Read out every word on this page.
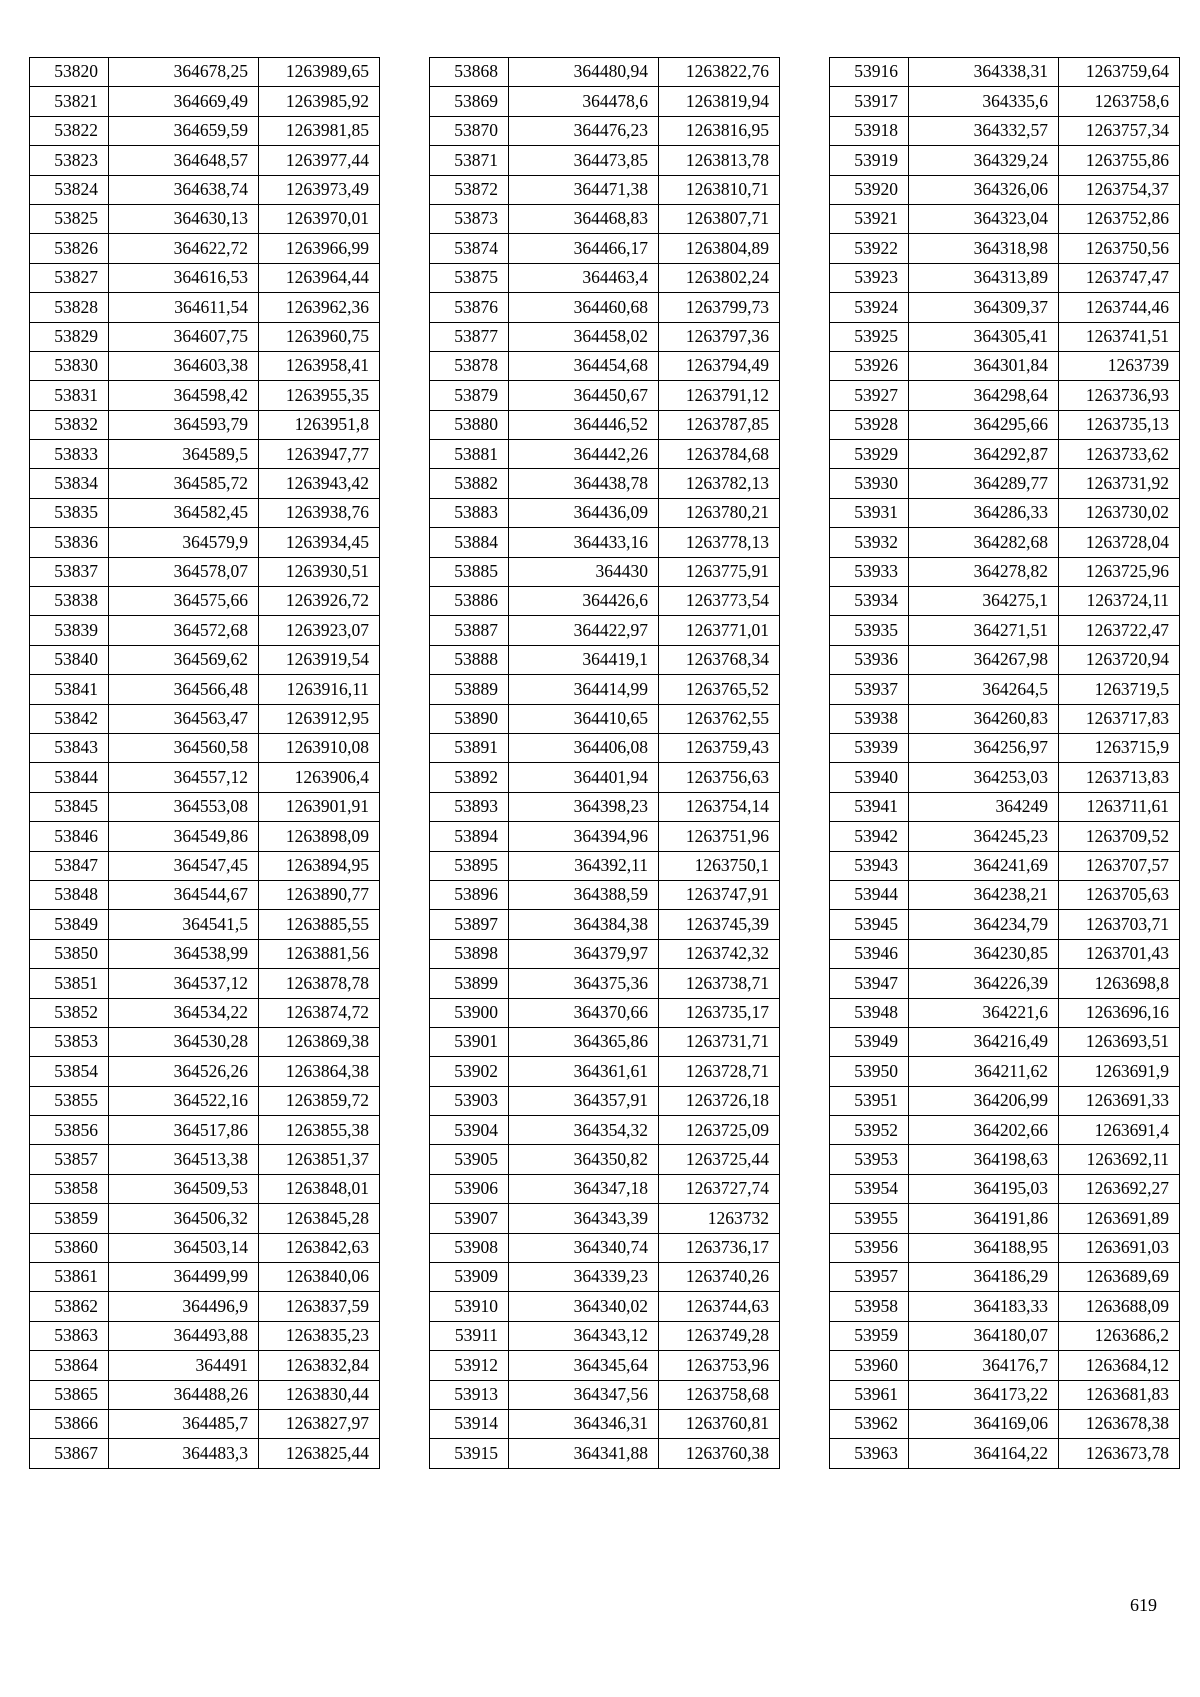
53820	364678,25	1263989,65
53821	364669,49	1263985,92
53822	364659,59	1263981,85
53823	364648,57	1263977,44
53824	364638,74	1263973,49
53825	364630,13	1263970,01
53826	364622,72	1263966,99
53827	364616,53	1263964,44
53828	364611,54	1263962,36
53829	364607,75	1263960,75
53830	364603,38	1263958,41
53831	364598,42	1263955,35
53832	364593,79	1263951,8
53833	364589,5	1263947,77
53834	364585,72	1263943,42
53835	364582,45	1263938,76
53836	364579,9	1263934,45
53837	364578,07	1263930,51
53838	364575,66	1263926,72
53839	364572,68	1263923,07
53840	364569,62	1263919,54
53841	364566,48	1263916,11
53842	364563,47	1263912,95
53843	364560,58	1263910,08
53844	364557,12	1263906,4
53845	364553,08	1263901,91
53846	364549,86	1263898,09
53847	364547,45	1263894,95
53848	364544,67	1263890,77
53849	364541,5	1263885,55
53850	364538,99	1263881,56
53851	364537,12	1263878,78
53852	364534,22	1263874,72
53853	364530,28	1263869,38
53854	364526,26	1263864,38
53855	364522,16	1263859,72
53856	364517,86	1263855,38
53857	364513,38	1263851,37
53858	364509,53	1263848,01
53859	364506,32	1263845,28
53860	364503,14	1263842,63
53861	364499,99	1263840,06
53862	364496,9	1263837,59
53863	364493,88	1263835,23
53864	364491	1263832,84
53865	364488,26	1263830,44
53866	364485,7	1263827,97
53867	364483,3	1263825,44
53868	364480,94	1263822,76
53869	364478,6	1263819,94
53870	364476,23	1263816,95
53871	364473,85	1263813,78
53872	364471,38	1263810,71
53873	364468,83	1263807,71
53874	364466,17	1263804,89
53875	364463,4	1263802,24
53876	364460,68	1263799,73
53877	364458,02	1263797,36
53878	364454,68	1263794,49
53879	364450,67	1263791,12
53880	364446,52	1263787,85
53881	364442,26	1263784,68
53882	364438,78	1263782,13
53883	364436,09	1263780,21
53884	364433,16	1263778,13
53885	364430	1263775,91
53886	364426,6	1263773,54
53887	364422,97	1263771,01
53888	364419,1	1263768,34
53889	364414,99	1263765,52
53890	364410,65	1263762,55
53891	364406,08	1263759,43
53892	364401,94	1263756,63
53893	364398,23	1263754,14
53894	364394,96	1263751,96
53895	364392,11	1263750,1
53896	364388,59	1263747,91
53897	364384,38	1263745,39
53898	364379,97	1263742,32
53899	364375,36	1263738,71
53900	364370,66	1263735,17
53901	364365,86	1263731,71
53902	364361,61	1263728,71
53903	364357,91	1263726,18
53904	364354,32	1263725,09
53905	364350,82	1263725,44
53906	364347,18	1263727,74
53907	364343,39	1263732
53908	364340,74	1263736,17
53909	364339,23	1263740,26
53910	364340,02	1263744,63
53911	364343,12	1263749,28
53912	364345,64	1263753,96
53913	364347,56	1263758,68
53914	364346,31	1263760,81
53915	364341,88	1263760,38
53916	364338,31	1263759,64
53917	364335,6	1263758,6
53918	364332,57	1263757,34
53919	364329,24	1263755,86
53920	364326,06	1263754,37
53921	364323,04	1263752,86
53922	364318,98	1263750,56
53923	364313,89	1263747,47
53924	364309,37	1263744,46
53925	364305,41	1263741,51
53926	364301,84	1263739
53927	364298,64	1263736,93
53928	364295,66	1263735,13
53929	364292,87	1263733,62
53930	364289,77	1263731,92
53931	364286,33	1263730,02
53932	364282,68	1263728,04
53933	364278,82	1263725,96
53934	364275,1	1263724,11
53935	364271,51	1263722,47
53936	364267,98	1263720,94
53937	364264,5	1263719,5
53938	364260,83	1263717,83
53939	364256,97	1263715,9
53940	364253,03	1263713,83
53941	364249	1263711,61
53942	364245,23	1263709,52
53943	364241,69	1263707,57
53944	364238,21	1263705,63
53945	364234,79	1263703,71
53946	364230,85	1263701,43
53947	364226,39	1263698,8
53948	364221,6	1263696,16
53949	364216,49	1263693,51
53950	364211,62	1263691,9
53951	364206,99	1263691,33
53952	364202,66	1263691,4
53953	364198,63	1263692,11
53954	364195,03	1263692,27
53955	364191,86	1263691,89
53956	364188,95	1263691,03
53957	364186,29	1263689,69
53958	364183,33	1263688,09
53959	364180,07	1263686,2
53960	364176,7	1263684,12
53961	364173,22	1263681,83
53962	364169,06	1263678,38
53963	364164,22	1263673,78
619
